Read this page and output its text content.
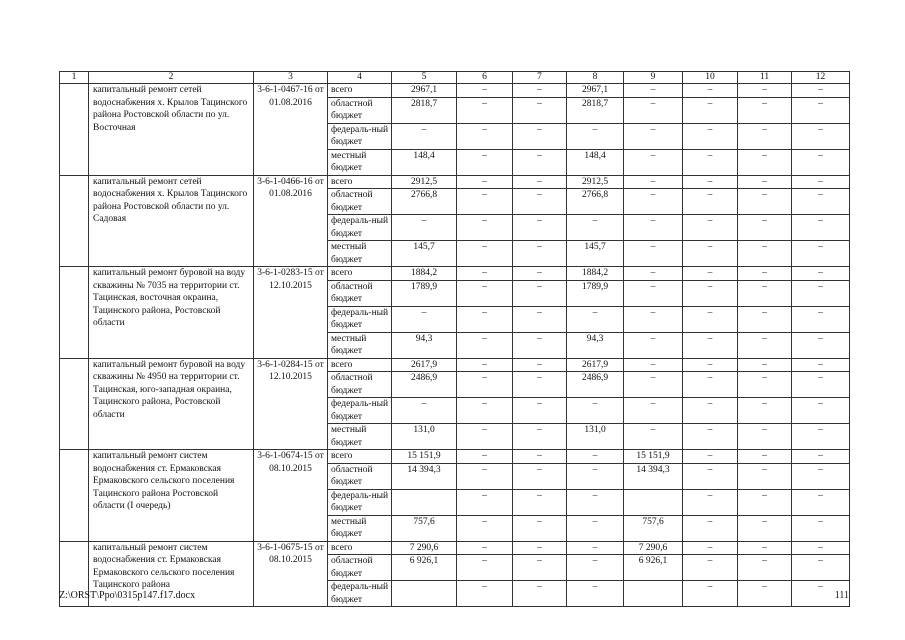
1	2	3	4	5	6	7	8	9	10	11	12
	капитальный ремонт сетей водоснабжения х. Крылов Тацинского района Ростовской области по ул. Восточная	3-6-1-0467-16 от 01.08.2016	всего	2967,1	–	–	2967,1	–	–	–	–
			областной бюджет	2818,7	–	–	2818,7	–	–	–	–
			федераль-ный бюджет	–	–	–	–	–	–	–	–
			местный бюджет	148,4	–	–	148,4	–	–	–	–
	капитальный ремонт сетей водоснабжения х. Крылов Тацинского района Ростовской области по ул. Садовая	3-6-1-0466-16 от 01.08.2016	всего	2912,5	–	–	2912,5	–	–	–	–
			областной бюджет	2766,8	–	–	2766,8	–	–	–	–
			федераль-ный бюджет	–	–	–	–	–	–	–	–
			местный бюджет	145,7	–	–	145,7	–	–	–	–
	капитальный ремонт буровой на воду скважины № 7035 на территории ст. Тацинская, восточная окраина, Тацинского района, Ростовской области	3-6-1-0283-15 от 12.10.2015	всего	1884,2	–	–	1884,2	–	–	–	–
			областной бюджет	1789,9	–	–	1789,9	–	–	–	–
			федераль-ный бюджет	–	–	–	–	–	–	–	–
			местный бюджет	94,3	–	–	94,3	–	–	–	–
	капитальный ремонт буровой на воду скважины № 4950 на территории ст. Тацинская, юго-западная окраина, Тацинского района, Ростовской области	3-6-1-0284-15 от 12.10.2015	всего	2617,9	–	–	2617,9	–	–	–	–
			областной бюджет	2486,9	–	–	2486,9	–	–	–	–
			федераль-ный бюджет	–	–	–	–	–	–	–	–
			местный бюджет	131,0	–	–	131,0	–	–	–	–
	капитальный ремонт систем водоснабжения ст. Ермаковская Ермаковского сельского поселения Тацинского района Ростовской области (I очередь)	3-6-1-0674-15 от 08.10.2015	всего	15 151,9	–	–	–	15 151,9	–	–	–
			областной бюджет	14 394,3	–	–	–	14 394,3	–	–	–
			федераль-ный бюджет		–	–	–		–	–	–
			местный бюджет	757,6	–	–	–	757,6	–	–	–
	капитальный ремонт систем водоснабжения ст. Ермаковская Ермаковского сельского поселения Тацинского района	3-6-1-0675-15 от 08.10.2015	всего	7 290,6	–	–	–	7 290,6	–	–	–
			областной бюджет	6 926,1	–	–	–	6 926,1	–	–	–
			федераль-ный бюджет		–	–	–		–	–	–
Z:\ORST\Ppo\0315p147.f17.docx	111
